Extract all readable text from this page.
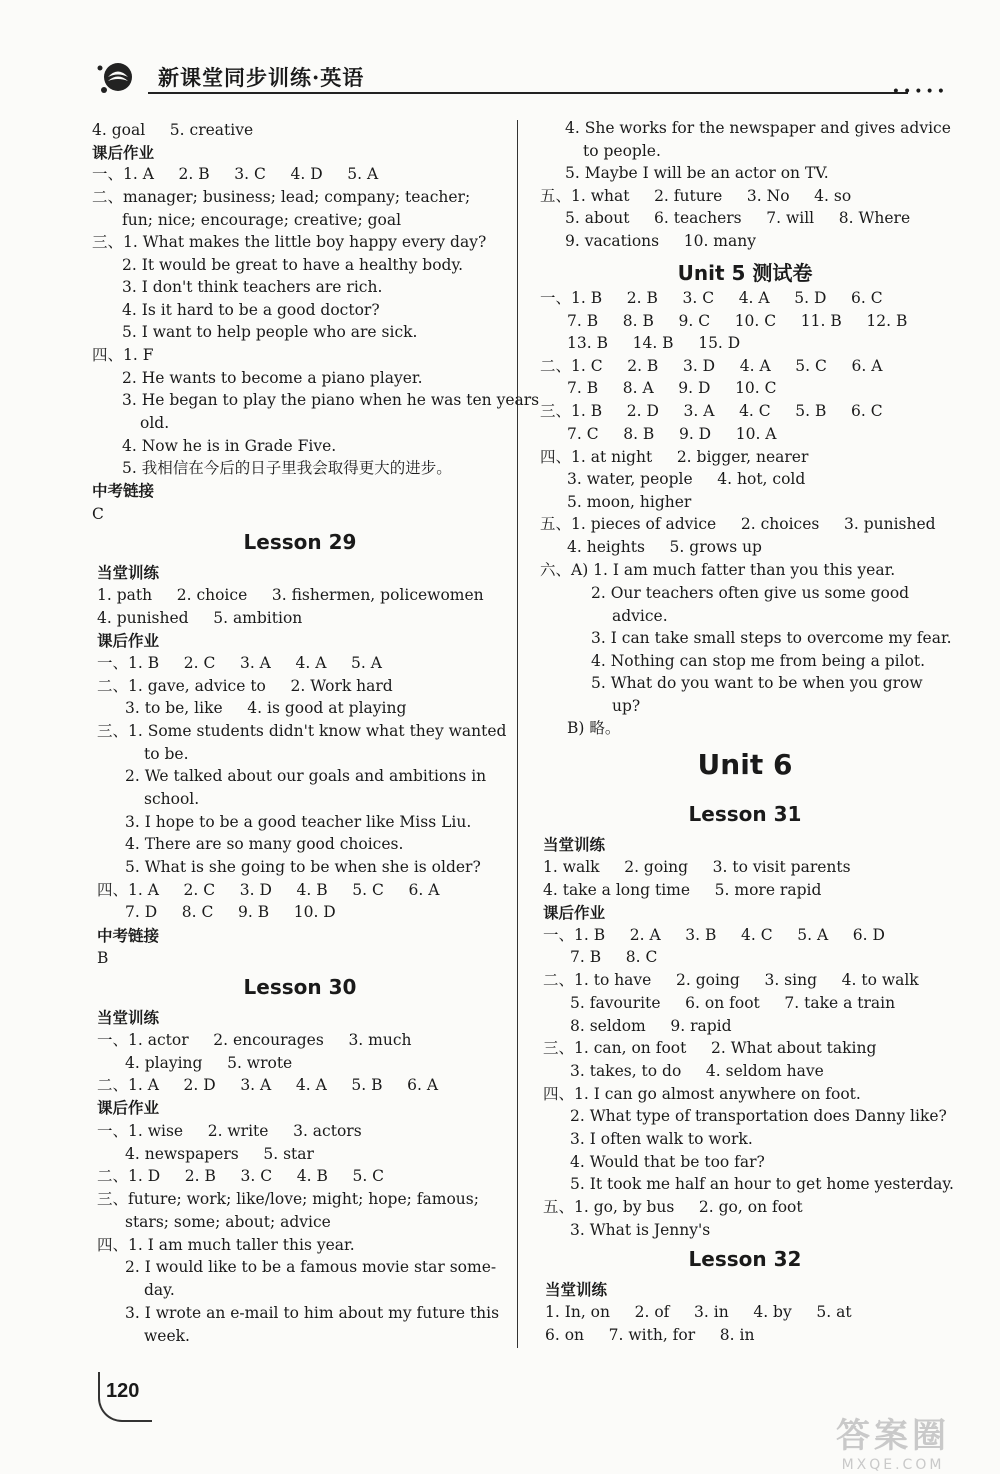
新课堂同步训练·英语
•••••
4. goal     5. creative
课后作业
一、1. A     2. B     3. C     4. D     5. A
二、manager; business; lead; company; teacher;
fun; nice; encourage; creative; goal
三、1. What makes the little boy happy every day?
2. It would be great to have a healthy body.
3. I don't think teachers are rich.
4. Is it hard to be a good doctor?
5. I want to help people who are sick.
四、1. F
2. He wants to become a piano player.
3. He began to play the piano when he was ten years
old.
4. Now he is in Grade Five.
5. 我相信在今后的日子里我会取得更大的进步。
中考链接
C
当堂训练
1. path     2. choice     3. fishermen, policewomen
4. punished     5. ambition
课后作业
一、1. B     2. C     3. A     4. A     5. A
二、1. gave, advice to     2. Work hard
3. to be, like     4. is good at playing
三、1. Some students didn't know what they wanted
to be.
2. We talked about our goals and ambitions in
school.
3. I hope to be a good teacher like Miss Liu.
4. There are so many good choices.
5. What is she going to be when she is older?
四、1. A     2. C     3. D     4. B     5. C     6. A
7. D     8. C     9. B     10. D
中考链接
B
当堂训练
一、1. actor     2. encourages     3. much
4. playing     5. wrote
二、1. A     2. D     3. A     4. A     5. B     6. A
课后作业
一、1. wise     2. write     3. actors
4. newspapers     5. star
二、1. D     2. B     3. C     4. B     5. C
三、future; work; like/love; might; hope; famous;
stars; some; about; advice
四、1. I am much taller this year.
2. I would like to be a famous movie star some-
day.
3. I wrote an e-mail to him about my future this
week.
Lesson 29
Lesson 30
4. She works for the newspaper and gives advice
to people.
5. Maybe I will be an actor on TV.
五、1. what     2. future     3. No     4. so
5. about     6. teachers     7. will     8. Where
9. vacations     10. many
一、1. B     2. B     3. C     4. A     5. D     6. C
7. B     8. B     9. C     10. C     11. B     12. B
13. B     14. B     15. D
二、1. C     2. B     3. D     4. A     5. C     6. A
7. B     8. A     9. D     10. C
三、1. B     2. D     3. A     4. C     5. B     6. C
7. C     8. B     9. D     10. A
四、1. at night     2. bigger, nearer
3. water, people     4. hot, cold
5. moon, higher
五、1. pieces of advice     2. choices     3. punished
4. heights     5. grows up
六、A) 1. I am much fatter than you this year.
2. Our teachers often give us some good
advice.
3. I can take small steps to overcome my fear.
4. Nothing can stop me from being a pilot.
5. What do you want to be when you grow
up?
B) 略。
当堂训练
1. walk     2. going     3. to visit parents
4. take a long time     5. more rapid
课后作业
一、1. B     2. A     3. B     4. C     5. A     6. D
7. B     8. C
二、1. to have     2. going     3. sing     4. to walk
5. favourite     6. on foot     7. take a train
8. seldom     9. rapid
三、1. can, on foot     2. What about taking
3. takes, to do     4. seldom have
四、1. I can go almost anywhere on foot.
2. What type of transportation does Danny like?
3. I often walk to work.
4. Would that be too far?
5. It took me half an hour to get home yesterday.
五、1. go, by bus     2. go, on foot
3. What is Jenny's
当堂训练
1. In, on     2. of     3. in     4. by     5. at
6. on     7. with, for     8. in
Unit 5 测试卷
Unit 6
Lesson 31
Lesson 32
120
答案圈
MXQE.COM
